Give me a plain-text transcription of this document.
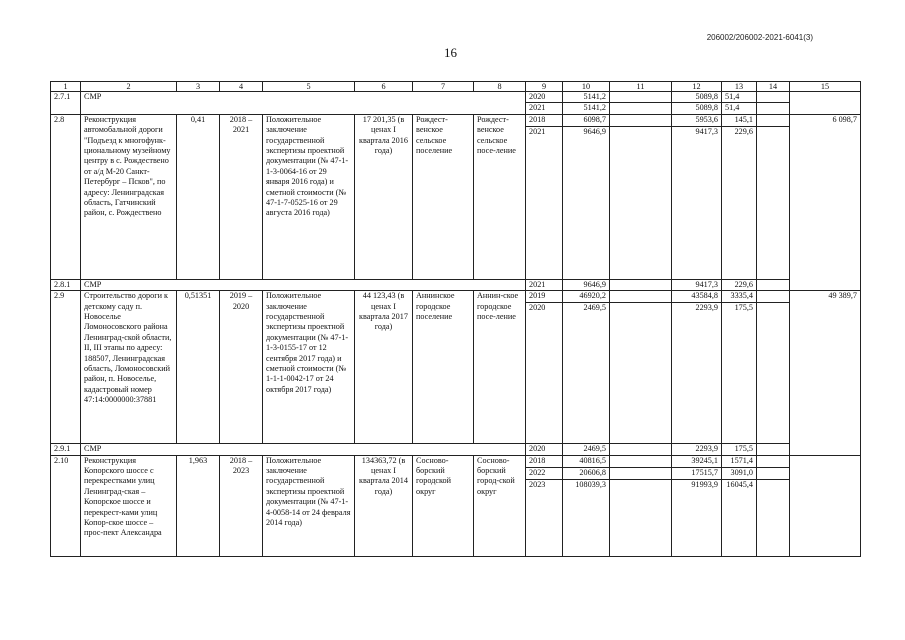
206002/206002-2021-6041(3)
16
1	2	3	4	5	6	7	8	9	10	11	12	13	14	15
2.7.1	СМР							2020	5141,2		5089,8	51,4		
								2021	5141,2		5089,8	51,4		
2.8	Реконструкция автомобальной дороги "Подъезд к многофунк-циональному музейному центру в с. Рождествено от а/д М-20 Санкт-Петербург – Псков", по адресу: Ленинградская область, Гатчинский район, с. Рождествено	0,41	2018 – 2021	Положительное заключение государственной экспертизы проектной документации (№ 47-1-1-3-0064-16 от 29 января 2016 года) и сметной стоимости (№ 47-1-7-0525-16 от 29 августа 2016 года)	17 201,35 (в ценах I квартала 2016 года)	Рождест-венское сельское поселение	Рождест-венское сельское посе-ление	2018	6098,7		5953,6	145,1		6 098,7
								2021	9646,9		9417,3	229,6		
2.8.1	СМР							2021	9646,9		9417,3	229,6		
2.9	Строительство дороги к детскому саду п. Новоселье Ломоносовского района Ленинград-ской области, II, III этапы по адресу: 188507, Ленинградская область, Ломоносовский район, п. Новоселье, кадастровый номер 47:14:0000000:37881	0,51351	2019 – 2020	Положительное заключение государственной экспертизы проектной документации (№ 47-1-1-3-0155-17 от 12 сентября 2017 года) и сметной стоимости (№ 1-1-1-0042-17 от 24 октября 2017 года)	44 123,43 (в ценах I квартала 2017 года)	Аннинское городское поселение	Аннин-ское городское посе-ление	2019	46920,2		43584,8	3335,4		49 389,7
								2020	2469,5		2293,9	175,5		
2.9.1	СМР							2020	2469,5		2293,9	175,5		
2.10	Реконструкция Копорского шоссе с перекрестками улиц Ленинград-ская – Копорское шоссе и перекрест-ками улиц Копор-ское шоссе – прос-пект Александра	1,963	2018 – 2023	Положительное заключение государственной экспертизы проектной документации (№ 47-1-4-0058-14 от 24 февраля 2014 года)	134363,72 (в ценах I квартала 2014 года)	Сосново-борский городской округ	Сосново-борский город-ской округ	2018	40816,5		39245,1	1571,4		
								2022	20606,8		17515,7	3091,0		
								2023	108039,3		91993,9	16045,4		
